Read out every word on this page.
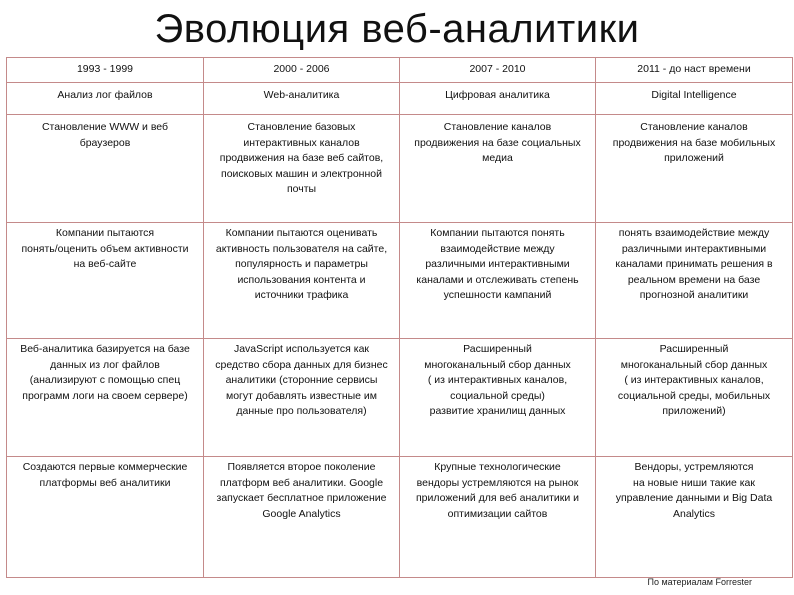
Эволюция веб-аналитики
1993 - 1999	2000 - 2006	2007 - 2010	2011 - до наст времени

Анализ лог файлов	Web-аналитика	Цифровая аналитика	Digital Intelligence

Становление WWW и веб
браузеров	Становление базовых
интерактивных каналов
продвижения на базе веб сайтов,
поисковых машин и электронной
почты	Становление каналов
продвижения на базе социальных
медиа	Становление каналов
продвижения на базе мобильных
приложений

Компании пытаются
понять/оценить объем активности
на веб-сайте	Компании пытаются оценивать
активность пользователя на сайте,
популярность и параметры
использования контента и
источники трафика	Компании пытаются понять
взаимодействие между
различными интерактивными
каналами и отслеживать степень
успешности кампаний	понять взаимодействие между
различными интерактивными
каналами принимать решения в
реальном времени на базе
прогнозной аналитики

Веб-аналитика базируется на базе
данных из лог файлов
(анализируют с помощью спец
программ логи на своем сервере)	JavaScript используется как
средство сбора данных для бизнес
аналитики (сторонние сервисы
могут добавлять известные им
данные про пользователя)	Расширенный
многоканальный сбор данных
( из интерактивных каналов,
социальной среды)
развитие хранилищ данных	Расширенный
многоканальный сбор данных
( из интерактивных каналов,
социальной среды, мобильных
приложений)

Создаются первые коммерческие
платформы веб аналитики	Появляется второе поколение
платформ веб аналитики. Google
запускает бесплатное приложение
Google Analytics	Крупные технологические
вендоры устремляются на рынок
приложений для веб аналитики и
оптимизации сайтов	Вендоры, устремляются
на новые ниши такие как
управление данными и Big Data
Analytics
По материалам Forrester
